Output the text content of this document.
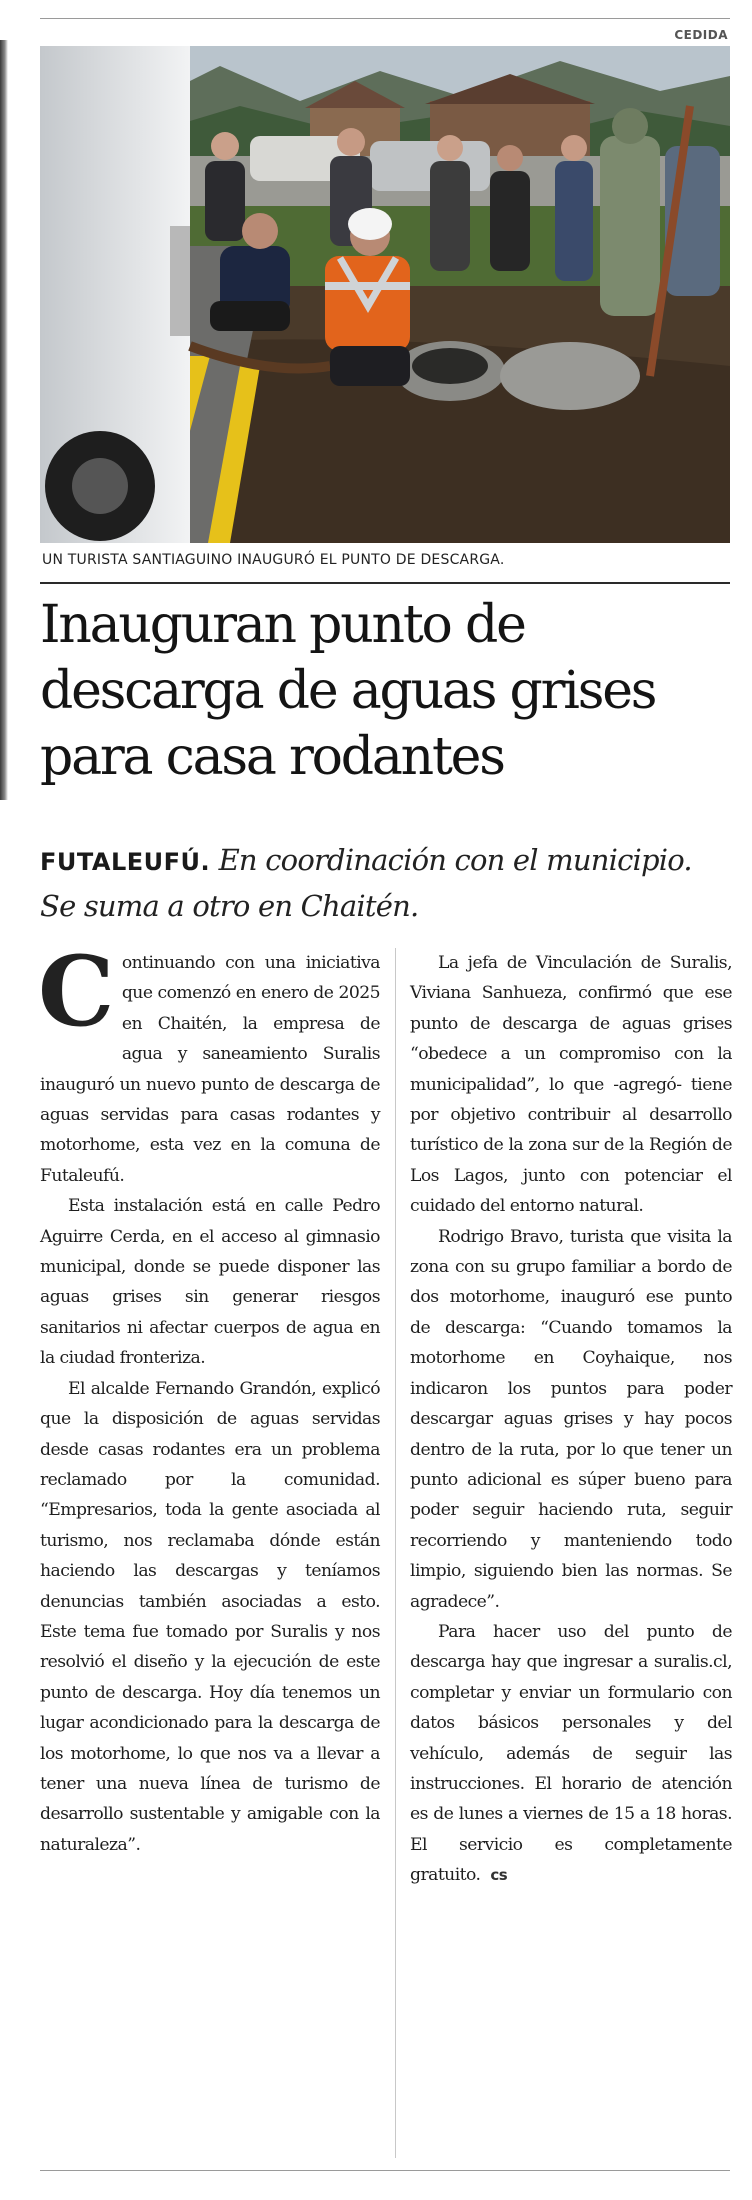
CEDIDA
UN TURISTA SANTIAGUINO INAUGURÓ EL PUNTO DE DESCARGA.
Inauguran punto de
descarga de aguas grises
para casa rodantes
FUTALEUFÚ. En coordinación con el municipio. Se suma a otro en Chaitén.

Continuando con una iniciativa que comenzó en enero de 2025 en Chaitén, la empresa de agua y saneamiento Suralis inauguró un nuevo punto de descarga de aguas servidas para casas rodantes y motorhome, esta vez en la comuna de Futaleufú.

Esta instalación está en calle Pedro Aguirre Cerda, en el acceso al gimnasio municipal, donde se puede disponer las aguas grises sin generar riesgos sanitarios ni afectar cuerpos de agua en la ciudad fronteriza.

El alcalde Fernando Grandón, explicó que la disposición de aguas servidas desde casas rodantes era un problema reclamado por la comunidad. “Empresarios, toda la gente asociada al turismo, nos reclamaba dónde están haciendo las descargas y teníamos denuncias también asociadas a esto. Este tema fue tomado por Suralis y nos resolvió el diseño y la ejecución de este punto de descarga. Hoy día tenemos un lugar acondicionado para la descarga de los motorhome, lo que nos va a llevar a tener una nueva línea de turismo de desarrollo sustentable y amigable con la naturaleza”.

La jefa de Vinculación de Suralis, Viviana Sanhueza, confirmó que ese punto de descarga de aguas grises “obedece a un compromiso con la municipalidad”, lo que -agregó- tiene por objetivo contribuir al desarrollo turístico de la zona sur de la Región de Los Lagos, junto con potenciar el cuidado del entorno natural.

Rodrigo Bravo, turista que visita la zona con su grupo familiar a bordo de dos motorhome, inauguró ese punto de descarga: “Cuando tomamos la motorhome en Coyhaique, nos indicaron los puntos para poder descargar aguas grises y hay pocos dentro de la ruta, por lo que tener un punto adicional es súper bueno para poder seguir haciendo ruta, seguir recorriendo y manteniendo todo limpio, siguiendo bien las normas. Se agradece”.

Para hacer uso del punto de descarga hay que ingresar a suralis.cl, completar y enviar un formulario con datos básicos personales y del vehículo, además de seguir las instrucciones. El horario de atención es de lunes a viernes de 15 a 18 horas. El servicio es completamente gratuito. cs
